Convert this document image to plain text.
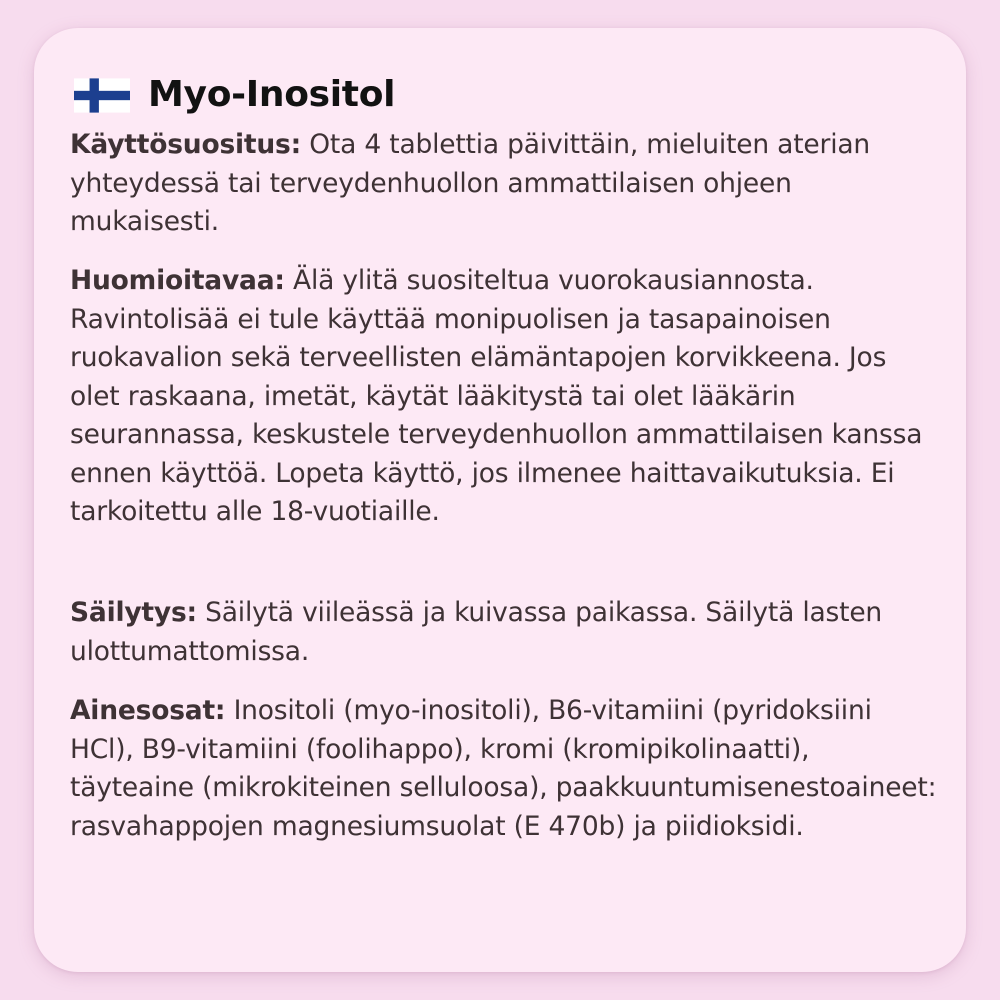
Myo-Inositol

Käyttösuositus: Ota 4 tablettia päivittäin, mieluiten aterian yhteydessä tai terveydenhuollon ammattilaisen ohjeen mukaisesti.

Huomioitavaa: Älä ylitä suositeltua vuorokausiannosta. Ravintolisää ei tule käyttää monipuolisen ja tasapainoisen ruokavalion sekä terveellisten elämäntapojen korvikkeena. Jos olet raskaana, imetät, käytät lääkitystä tai olet lääkärin seurannassa, keskustele terveydenhuollon ammattilaisen kanssa ennen käyttöä. Lopeta käyttö, jos ilmenee haittavaikutuksia. Ei tarkoitettu alle 18-vuotiaille.

Säilytys: Säilytä viileässä ja kuivassa paikassa. Säilytä lasten ulottumattomissa.

Ainesosat: Inositoli (myo-inositoli), B6-vitamiini (pyridoksiini HCl), B9-vitamiini (foolihappo), kromi (kromipikolinaatti), täyteaine (mikrokiteinen selluloosa), paakkuuntumisenestoaineet: rasvahappojen magnesiumsuolat (E 470b) ja piidioksidi.
